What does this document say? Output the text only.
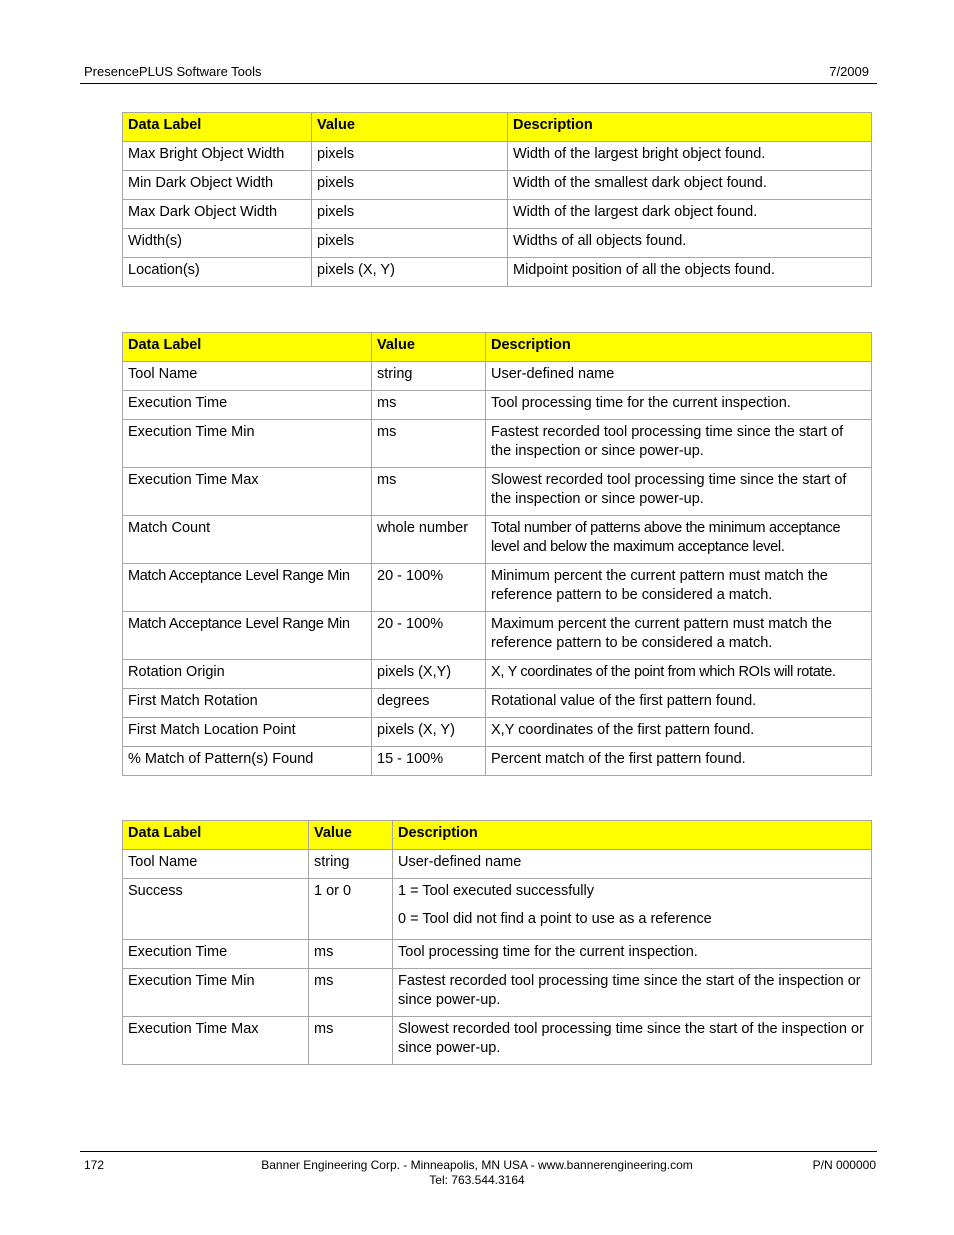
PresencePLUS Software Tools	7/2009
Data Label	Value	Description
Max Bright Object Width	pixels	Width of the largest bright object found.
Min Dark Object Width	pixels	Width of the smallest dark object found.
Max Dark Object Width	pixels	Width of the largest dark object found.
Width(s)	pixels	Widths of all objects found.
Location(s)	pixels (X, Y)	Midpoint position of all the objects found.
Data Label	Value	Description
Tool Name	string	User-defined name
Execution Time	ms	Tool processing time for the current inspection.
Execution Time Min	ms	Fastest recorded tool processing time since the start of the inspection or since power-up.
Execution Time Max	ms	Slowest recorded tool processing time since the start of the inspection or since power-up.
Match Count	whole number	Total number of patterns above the minimum acceptance level and below the maximum acceptance level.
Match Acceptance Level Range Min	20 - 100%	Minimum percent the current pattern must match the reference pattern to be considered a match.
Match Acceptance Level Range Min	20 - 100%	Maximum percent the current pattern must match the reference pattern to be considered a match.
Rotation Origin	pixels (X,Y)	X, Y coordinates of the point from which ROIs will rotate.
First Match Rotation	degrees	Rotational value of the first pattern found.
First Match Location Point	pixels (X, Y)	X,Y coordinates of the first pattern found.
% Match of Pattern(s) Found	15 - 100%	Percent match of the first pattern found.
Data Label	Value	Description
Tool Name	string	User-defined name
Success	1 or 0	1 = Tool executed successfully
0 = Tool did not find a point to use as a reference

Execution Time	ms	Tool processing time for the current inspection.
Execution Time Min	ms	Fastest recorded tool processing time since the start of the inspection or since power-up.
Execution Time Max	ms	Slowest recorded tool processing time since the start of the inspection or since power-up.
172	Banner Engineering Corp. - Minneapolis, MN USA - www.bannerengineering.com
Tel: 763.544.3164
P/N 000000
